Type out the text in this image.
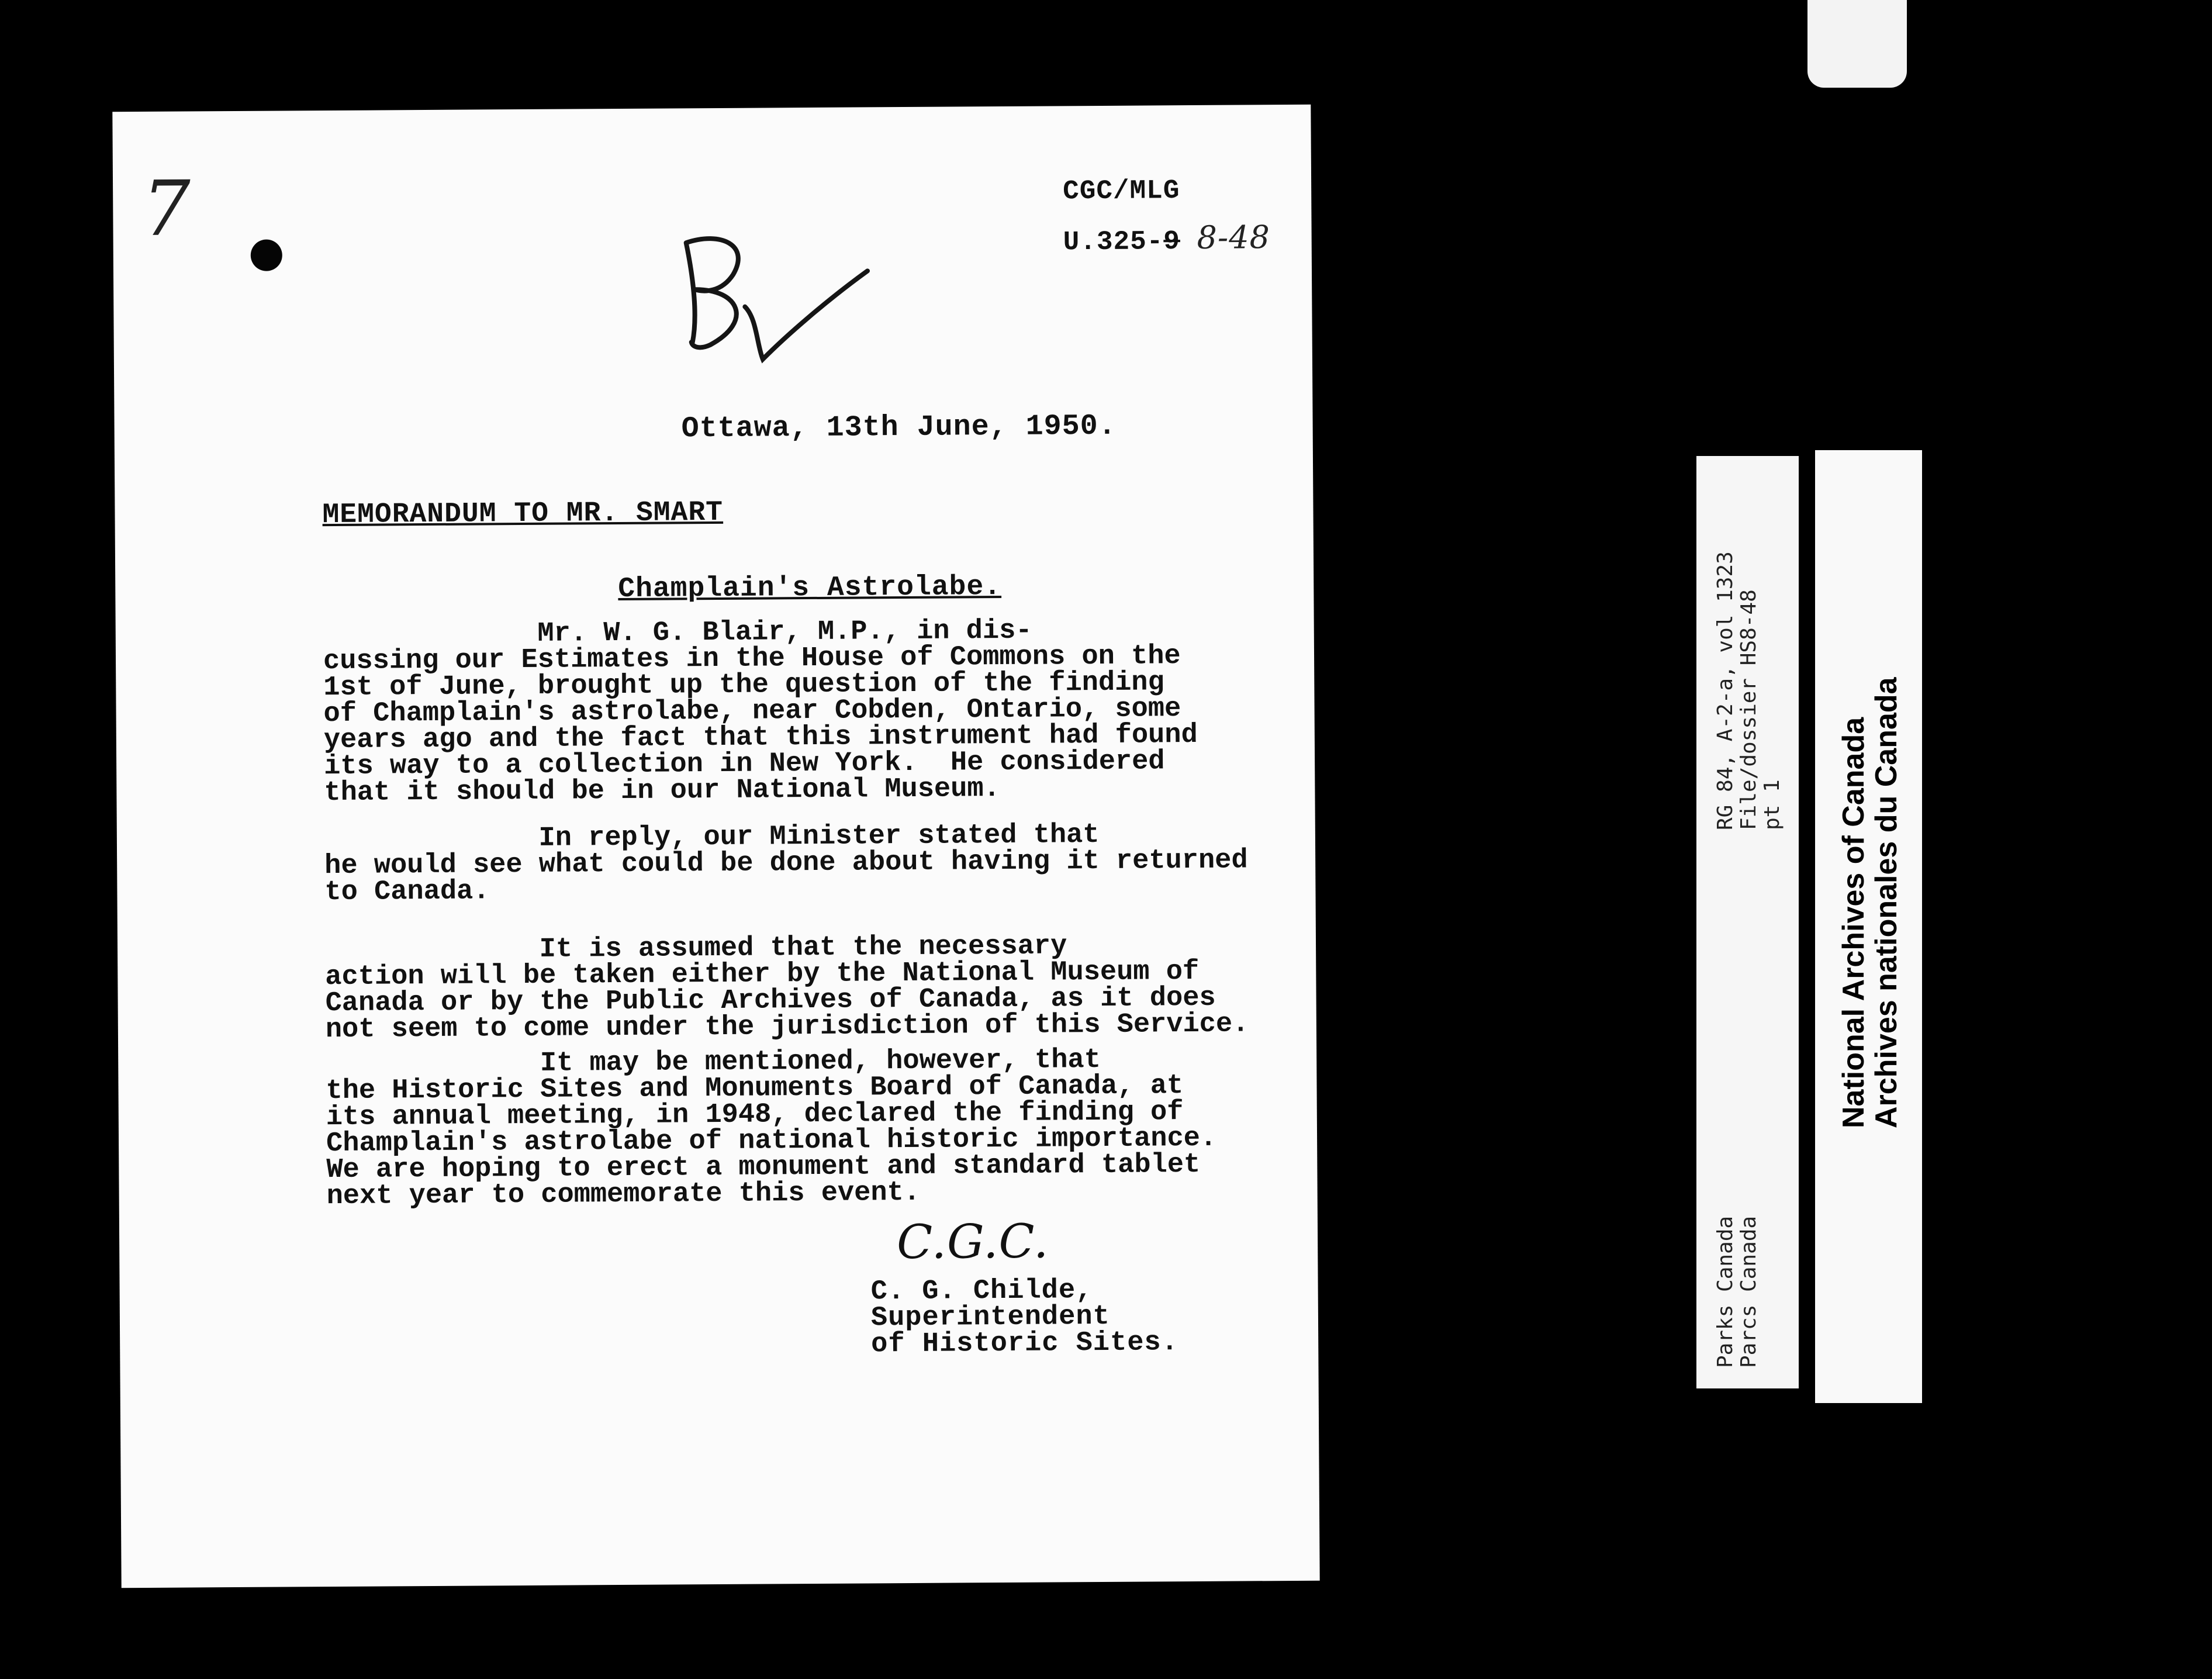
7	CGC/MLG
U.325-9 8-48
Ottawa, 13th June, 1950.
MEMORANDUM TO MR. SMART
Champlain's Astrolabe.

Mr. W. G. Blair, M.P., in dis-

cussing our Estimates in the House of Commons on the

1st of June, brought up the question of the finding

of Champlain's astrolabe, near Cobden, Ontario, some

years ago and the fact that this instrument had found

its way to a collection in New York.  He considered

that it should be in our National Museum.

In reply, our Minister stated that

he would see what could be done about having it returned

to Canada.

It is assumed that the necessary

action will be taken either by the National Museum of

Canada or by the Public Archives of Canada, as it does

not seem to come under the jurisdiction of this Service.

It may be mentioned, however, that

the Historic Sites and Monuments Board of Canada, at

its annual meeting, in 1948, declared the finding of

Champlain's astrolabe of national historic importance.

We are hoping to erect a monument and standard tablet

next year to commemorate this event.

C.G.C.
C. G. Childe,
Superintendent
of Historic Sites.
RG 84, A-2-a, vol 1323 File/dossier HS8-48 pt 1
Parks Canada Parcs Canada
National Archives of Canada
Archives nationales du Canada
